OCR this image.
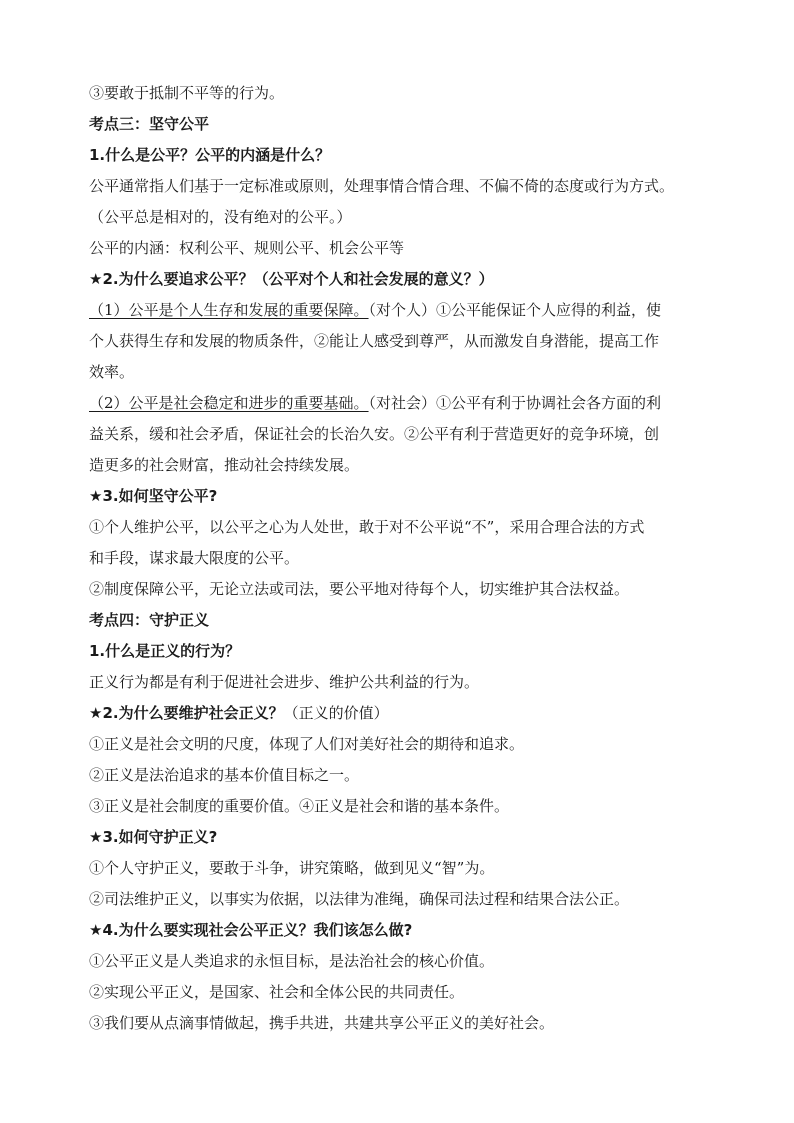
③要敢于抵制不平等的行为。
考点三：坚守公平
1.什么是公平？公平的内涵是什么？
公平通常指人们基于一定标准或原则，处理事情合情合理、不偏不倚的态度或行为方式。
（公平总是相对的，没有绝对的公平。）
公平的内涵：权利公平、规则公平、机会公平等
★2.为什么要追求公平？（公平对个人和社会发展的意义？）
（1）公平是个人生存和发展的重要保障。（对个人）①公平能保证个人应得的利益，使
个人获得生存和发展的物质条件，②能让人感受到尊严，从而激发自身潜能，提高工作
效率。
（2）公平是社会稳定和进步的重要基础。（对社会）①公平有利于协调社会各方面的利
益关系，缓和社会矛盾，保证社会的长治久安。②公平有利于营造更好的竞争环境，创
造更多的社会财富，推动社会持续发展。
★3.如何坚守公平?
①个人维护公平，以公平之心为人处世，敢于对不公平说“不”，采用合理合法的方式
和手段，谋求最大限度的公平。
②制度保障公平，无论立法或司法，要公平地对待每个人，切实维护其合法权益。
考点四：守护正义
1.什么是正义的行为？
正义行为都是有利于促进社会进步、维护公共利益的行为。
★2.为什么要维护社会正义？（正义的价值）
①正义是社会文明的尺度，体现了人们对美好社会的期待和追求。
②正义是法治追求的基本价值目标之一。
③正义是社会制度的重要价值。④正义是社会和谐的基本条件。
★3.如何守护正义?
①个人守护正义，要敢于斗争，讲究策略，做到见义“智”为。
②司法维护正义，以事实为依据，以法律为准绳，确保司法过程和结果合法公正。
★4.为什么要实现社会公平正义？我们该怎么做?
①公平正义是人类追求的永恒目标，是法治社会的核心价值。
②实现公平正义，是国家、社会和全体公民的共同责任。
③我们要从点滴事情做起，携手共进，共建共享公平正义的美好社会。
